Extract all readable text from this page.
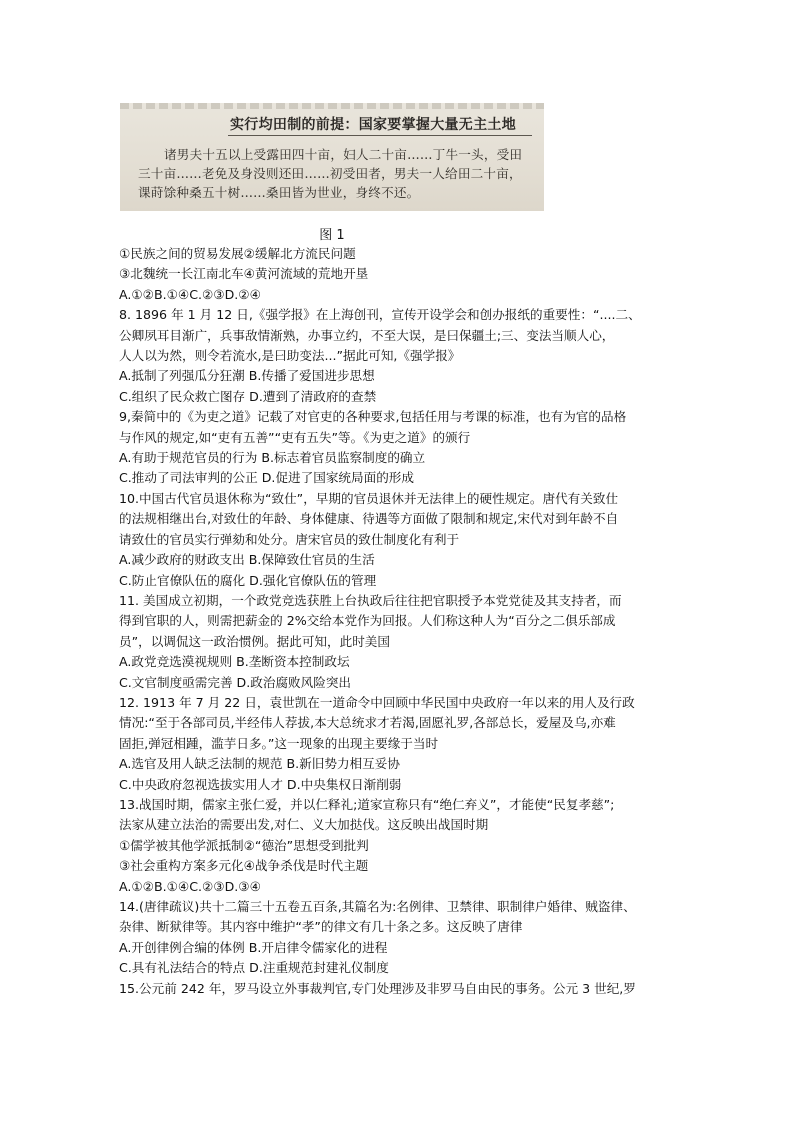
实行均田制的前提：国家要掌握大量无主土地
诸男夫十五以上受露田四十亩，妇人二十亩……丁牛一头，受田三十亩……老免及身没则还田……初受田者，男夫一人给田二十亩，课莳馀种桑五十树……桑田皆为世业，身终不还。
图 1
①民族之间的贸易发展②缓解北方流民问题
③北魏统一长江南北车④黄河流域的荒地开垦
A.①②B.①④C.②③D.②④
8. 1896 年 1 月 12 日,《强学报》在上海创刊，宣传开设学会和创办报纸的重要性：“....二、
公卿夙耳目渐广，兵事敌情渐熟，办事立约，不至大误，是曰保疆土;三、变法当顺人心，
人人以为然，则令若流水,是曰助变法...”据此可知,《强学报》
A.抵制了列强瓜分狂潮 B.传播了爱国进步思想
C.组织了民众救亡图存 D.遭到了清政府的查禁
9,秦简中的《为吏之道》记载了对官吏的各种要求,包括任用与考课的标准，也有为官的品格
与作风的规定,如“吏有五善”“吏有五失”等。《为吏之道》的颁行
A.有助于规范官员的行为 B.标志着官员监察制度的确立
C.推动了司法审判的公正 D.促进了国家统局面的形成
10.中国古代官员退休称为“致仕”，早期的官员退休并无法律上的硬性规定。唐代有关致仕
的法规相继出台,对致仕的年龄、身体健康、待遇等方面做了限制和规定,宋代对到年龄不自
请致仕的官员实行弹劾和处分。唐宋官员的致仕制度化有利于
A.减少政府的财政支出 B.保障致仕官员的生活
C.防止官僚队伍的腐化 D.强化官僚队伍的管理
11. 美国成立初期，一个政党竞选获胜上台执政后往往把官职授予本党党徒及其支持者，而
得到官职的人，则需把薪金的 2%交给本党作为回报。人们称这种人为“百分之二俱乐部成
员”，以调侃这一政治惯例。据此可知，此时美国
A.政党竞选漠视规则 B.垄断资本控制政坛
C.文官制度亟需完善 D.政治腐败风险突出
12. 1913 年 7 月 22 日，袁世凯在一道命令中回顾中华民国中央政府一年以来的用人及行政
情况:“至于各部司员,半经伟人荐拔,本大总统求才若渴,固愿礼罗,各部总长，爱屋及乌,亦难
固拒,弹冠相踵，滥芋日多。”这一现象的出现主要缘于当时
A.选官及用人缺乏法制的规范 B.新旧势力相互妥协
C.中央政府忽视选拔实用人才 D.中央集权日渐削弱
13.战国时期，儒家主张仁爱，并以仁释礼;道家宣称只有“绝仁弃义”，才能使“民复孝慈”;
法家从建立法治的需要出发,对仁、义大加挞伐。这反映出战国时期
①儒学被其他学派抵制②“德治”思想受到批判
③社会重构方案多元化④战争杀伐是时代主题
A.①②B.①④C.②③D.③④
14.(唐律疏议)共十二篇三十五卷五百条,其篇名为:名例律、卫禁律、职制律户婚律、贼盗律、
杂律、断狱律等。其内容中维护“孝”的律文有几十条之多。这反映了唐律
A.开创律例合编的体例 B.开启律令儒家化的进程
C.具有礼法结合的特点 D.注重规范封建礼仪制度
15.公元前 242 年，罗马设立外事裁判官,专门处理涉及非罗马自由民的事务。公元 3 世纪,罗
